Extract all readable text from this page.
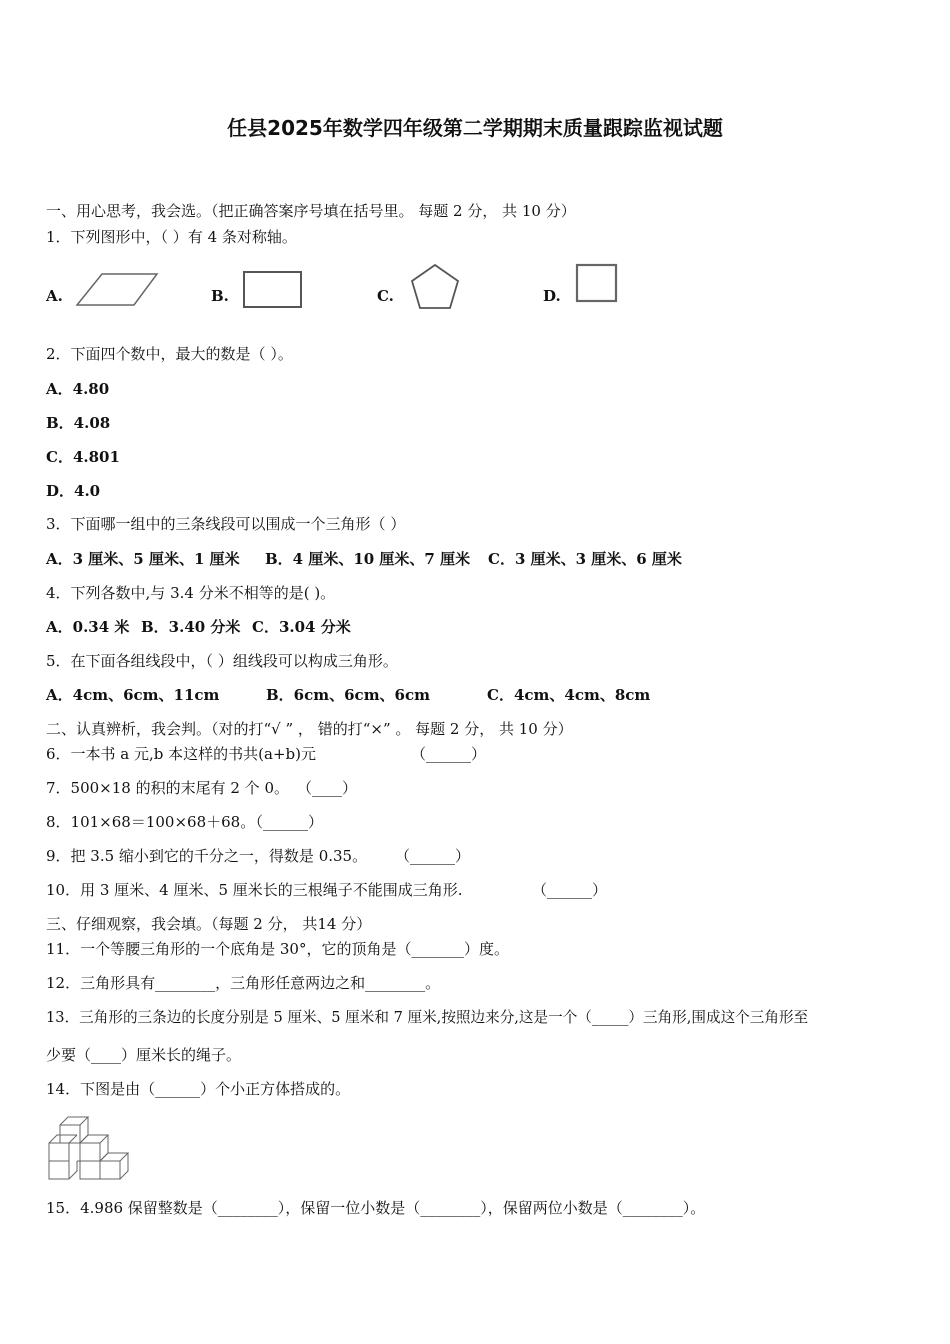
任县2025年数学四年级第二学期期末质量跟踪监视试题
一、用心思考，我会选。（把正确答案序号填在括号里。 每题 2 分， 共 10 分）
1．下列图形中，（ ）有 4 条对称轴。
A.	B.	C.	D.
2．下面四个数中，最大的数是（ ）。
A．4.80
B．4.08
C．4.801
D．4.0
3．下面哪一组中的三条线段可以围成一个三角形（ ）
A．3 厘米、5 厘米、1 厘米 B．4 厘米、10 厘米、7 厘米 C．3 厘米、3 厘米、6 厘米
4．下列各数中,与 3.4 分米不相等的是( )。
A．0.34 米 B．3.40 分米 C．3.04 分米
5．在下面各组线段中，（ ）组线段可以构成三角形。
A．4cm、6cm、11cm	B．6cm、6cm、6cm	C．4cm、4cm、8cm
二、认真辨析，我会判。（对的打“√ ” ， 错的打“×” 。 每题 2 分， 共 10 分）
6．一本书 a 元,b 本这样的书共(a+b)元	（______）
7．500×18 的积的末尾有 2 个 0。 （____）
8．101×68＝100×68＋68。
（______）
9．把 3.5 缩小到它的千分之一，得数是 0.35。 （______）
10．用 3 厘米、4 厘米、5 厘米长的三根绳子不能围成三角形.	（______）
三、仔细观察，我会填。（每题 2 分， 共14 分）
11．一个等腰三角形的一个底角是 30°，它的顶角是（_______）度。
12．三角形具有________，三角形任意两边之和________。
13．三角形的三条边的长度分别是 5 厘米、5 厘米和 7 厘米,按照边来分,这是一个（_____）三角形,围成这个三角形至
少要（____）厘米长的绳子。
14．下图是由（______）个小正方体搭成的。
15．4.986 保留整数是（________），保留一位小数是（________），保留两位小数是（________）。
